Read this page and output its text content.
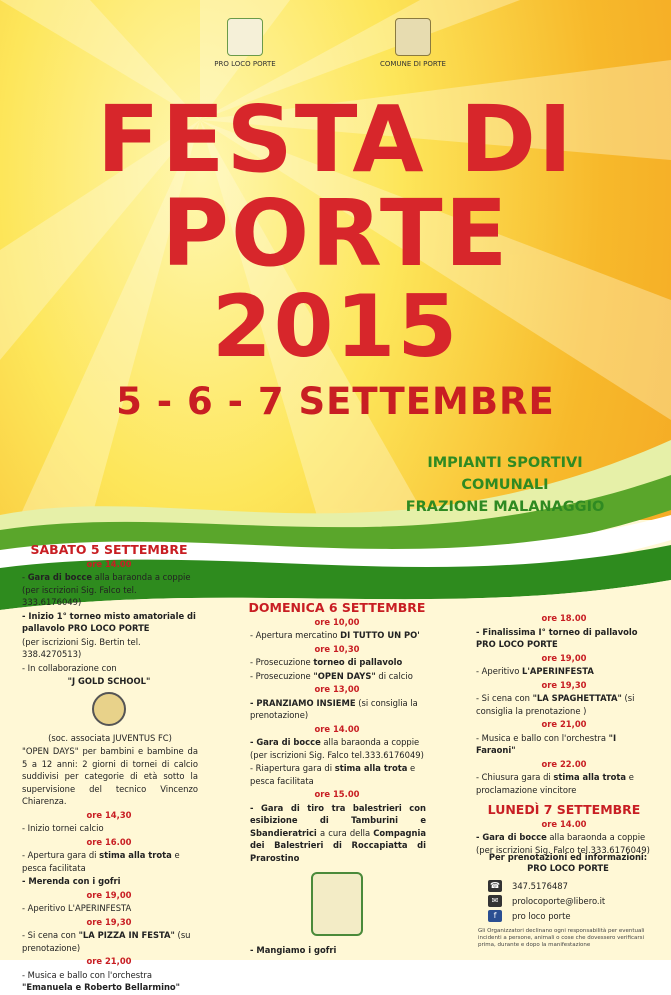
PRO LOCO PORTE	COMUNE DI PORTE
FESTA DI
PORTE
2015
5 - 6 - 7 SETTEMBRE
IMPIANTI SPORTIVI
COMUNALI
FRAZIONE MALANAGGIO

SABATO 5 SETTEMBRE

ore 14.00

- Gara di bocce alla baraonda a coppie (per iscrizioni Sig. Falco tel. 333.6176049)

- Inizio 1° torneo misto amatoriale di pallavolo PRO LOCO PORTE

(per iscrizioni Sig. Bertin tel. 338.4270513)

- In collaborazione con

"J GOLD SCHOOL"

(soc. associata JUVENTUS FC)

"OPEN DAYS" per bambini e bambine da 5 a 12 anni: 2 giorni di tornei di calcio suddivisi per categorie di età sotto la supervisione del tecnico Vincenzo Chiarenza.

ore 14,30

- Inizio tornei calcio

ore 16.00

- Apertura gara di stima alla trota e pesca facilitata

- Merenda con i gofri

ore 19,00

- Aperitivo L'APERINFESTA

ore 19,30

- Si cena con "LA PIZZA IN FESTA" (su prenotazione)

ore 21,00

- Musica e ballo con l'orchestra "Emanuela e Roberto Bellarmino"

DOMENICA 6 SETTEMBRE

ore 10,00

- Apertura mercatino DI TUTTO UN PO'

ore 10,30

- Prosecuzione torneo di pallavolo

- Prosecuzione "OPEN DAYS" di calcio

ore 13,00

- PRANZIAMO INSIEME (si consiglia la prenotazione)

ore 14.00

- Gara di bocce alla baraonda a coppie (per iscrizioni Sig. Falco tel.333.6176049)

- Riapertura gara di stima alla trota e pesca facilitata

ore 15.00

- Gara di tiro tra balestrieri con esibizione di Tamburini e Sbandieratrici a cura della Compagnia dei Balestrieri di Roccapiatta di Prarostino

- Mangiamo i gofri

ore 18.00

- Finalissima I° torneo di pallavolo PRO LOCO PORTE

ore 19,00

- Aperitivo L'APERINFESTA

ore 19,30

- Si cena con "LA SPAGHETTATA" (si consiglia la prenotazione )

ore 21,00

- Musica e ballo con l'orchestra "I Faraoni"

ore 22.00

- Chiusura gara di stima alla trota e proclamazione vincitore

LUNEDÌ 7 SETTEMBRE

ore 14.00

- Gara di bocce alla baraonda a coppie (per iscrizioni Sig. Falco tel.333.6176049)

Per prenotazioni ed informazioni:
PRO LOCO PORTE
☎ 347.5176487
✉	prolocoporte@libero.it
f	pro loco porte
Gli Organizzatori declinano ogni responsabilità per eventuali incidenti a persone, animali o cose che dovessero verificarsi prima, durante e dopo la manifestazione
